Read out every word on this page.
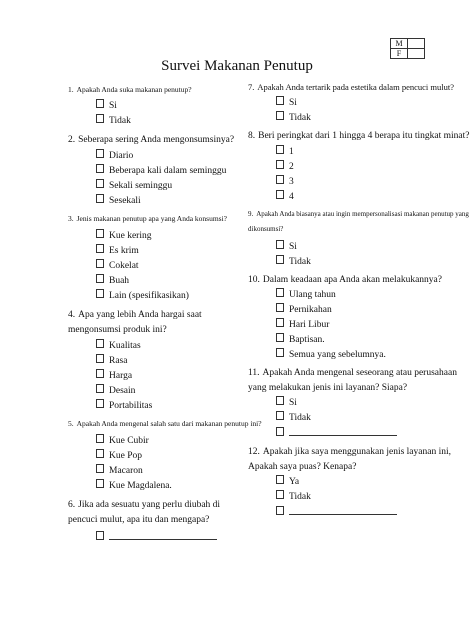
M	
F	
Survei Makanan Penutup

1. Apakah Anda suka makanan penutup?

Si
Tidak

2. Seberapa sering Anda mengonsumsinya?

Diario
Beberapa kali dalam seminggu
Sekali seminggu
Sesekali

3. Jenis makanan penutup apa yang Anda konsumsi?

Kue kering
Es krim
Cokelat
Buah
Lain (spesifikasikan)

4. Apa yang lebih Anda hargai saat mengonsumsi produk ini?

Kualitas
Rasa
Harga
Desain
Portabilitas

5. Apakah Anda mengenal salah satu dari makanan penutup ini?

Kue Cubir
Kue Pop
Macaron
Kue Magdalena.

6. Jika ada sesuatu yang perlu diubah di pencuci mulut, apa itu dan mengapa?

7. Apakah Anda tertarik pada estetika dalam pencuci mulut?

Si
Tidak

8. Beri peringkat dari 1 hingga 4 berapa itu tingkat minat?

1
2
3
4

9. Apakah Anda biasanya atau ingin mempersonalisasi makanan penutup yang dikonsumsi?

Si
Tidak

10. Dalam keadaan apa Anda akan melakukannya?

Ulang tahun
Pernikahan
Hari Libur
Baptisan.
Semua yang sebelumnya.

11. Apakah Anda mengenal seseorang atau perusahaan yang melakukan jenis ini layanan? Siapa?

Si
Tidak

12. Apakah jika saya menggunakan jenis layanan ini, Apakah saya puas? Kenapa?

Ya
Tidak
